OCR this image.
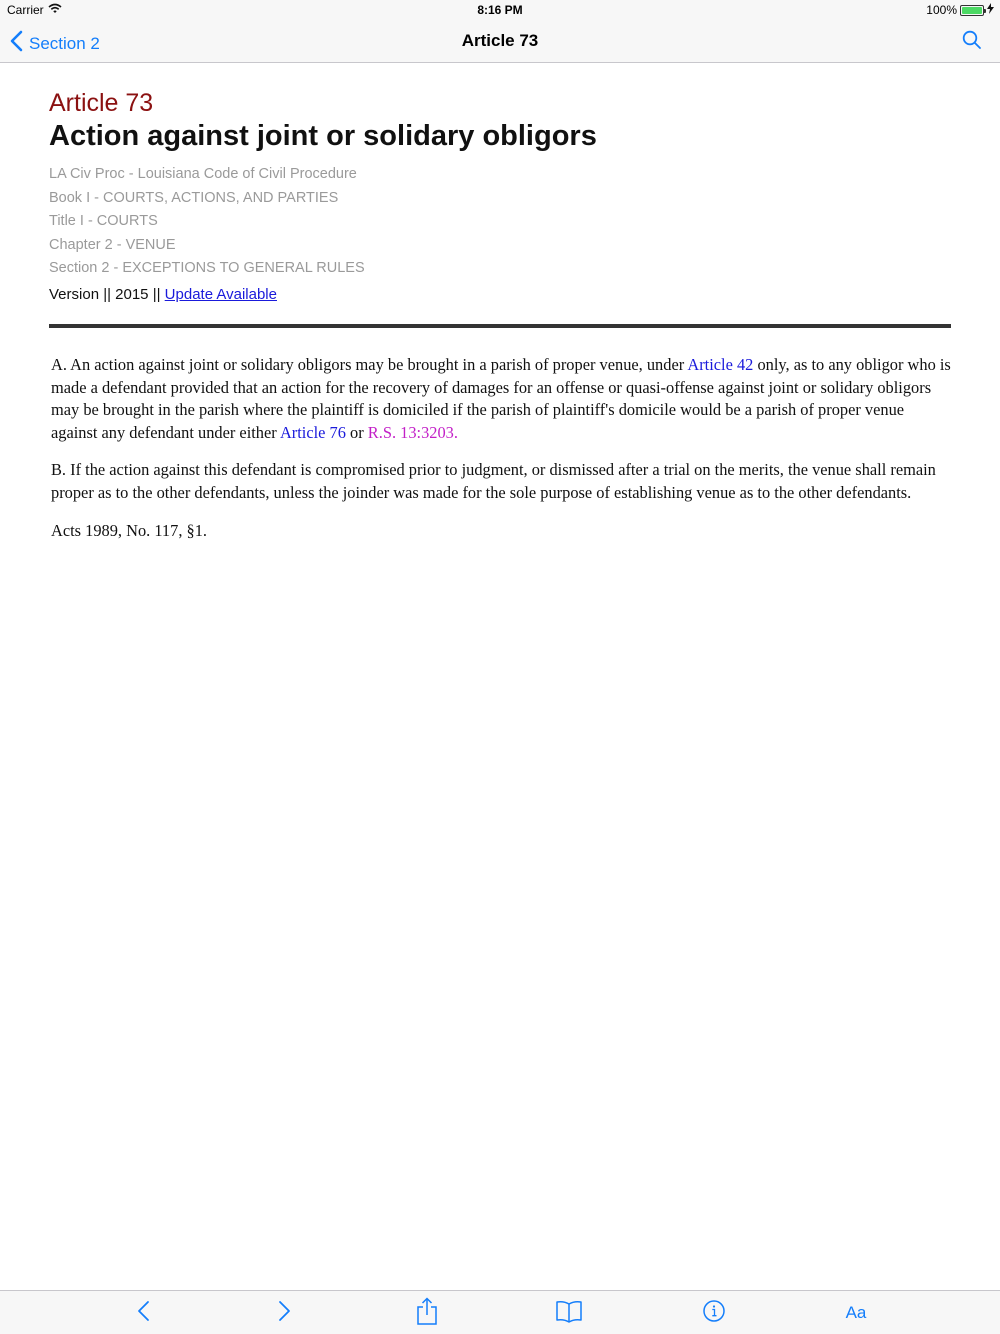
Carrier	8:16 PM	100%
Section 2	Article 73
Article 73
Action against joint or solidary obligors
LA Civ Proc - Louisiana Code of Civil Procedure
Book I - COURTS, ACTIONS, AND PARTIES
Title I - COURTS
Chapter 2 - VENUE
Section 2 - EXCEPTIONS TO GENERAL RULES
Version || 2015 || Update Available

A. An action against joint or solidary obligors may be brought in a parish of proper venue, under Article 42 only, as to any obligor who is made a defendant provided that an action for the recovery of damages for an offense or quasi-offense against joint or solidary obligors may be brought in the parish where the plaintiff is domiciled if the parish of plaintiff's domicile would be a parish of proper venue against any defendant under either Article 76 or R.S. 13:3203.

B. If the action against this defendant is compromised prior to judgment, or dismissed after a trial on the merits, the venue shall remain proper as to the other defendants, unless the joinder was made for the sole purpose of establishing venue as to the other defendants.

Acts 1989, No. 117, §1.

Aa
